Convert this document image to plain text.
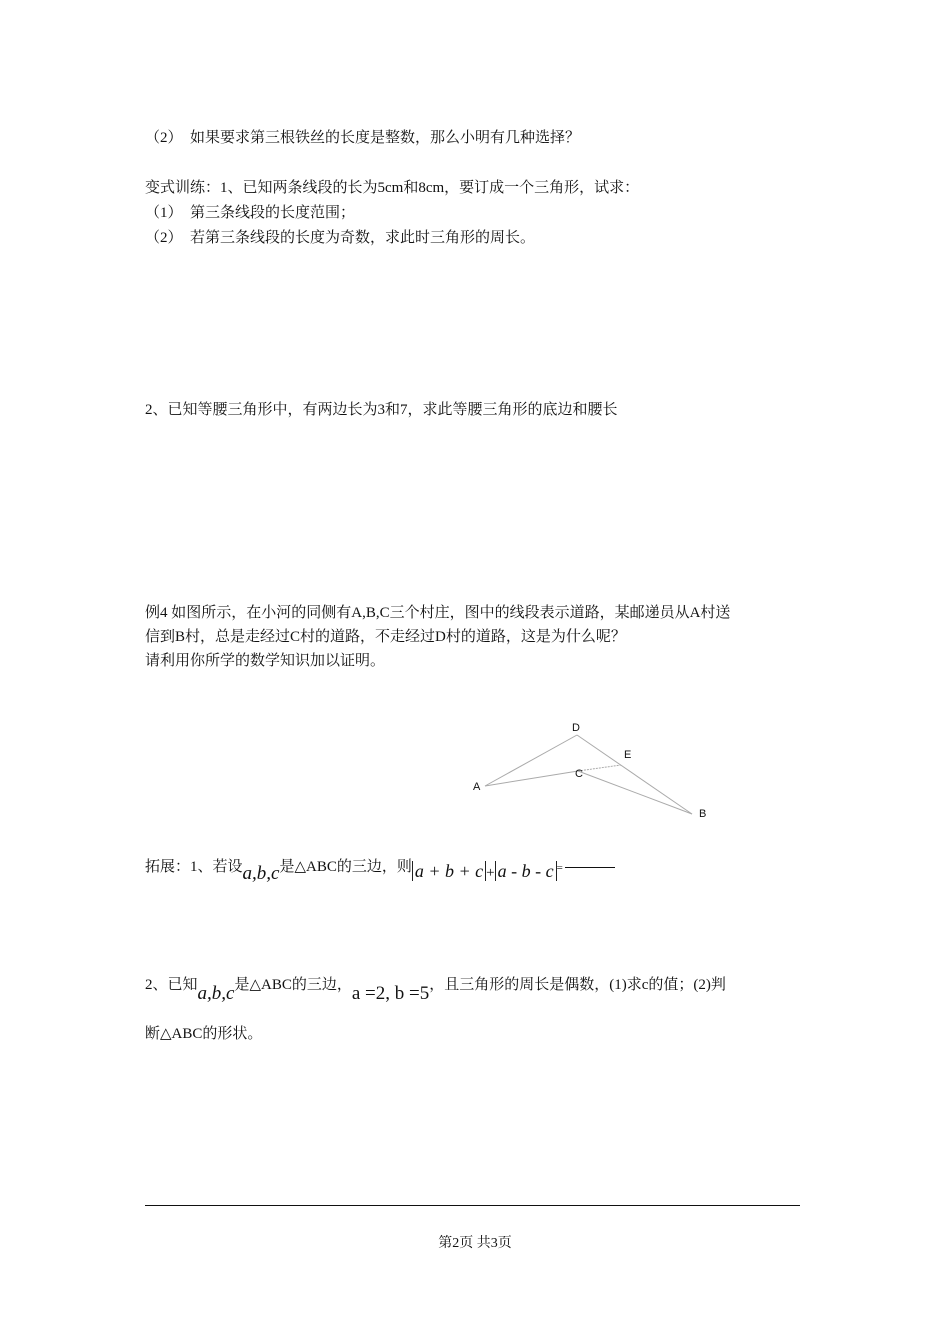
（2）　如果要求第三根铁丝的长度是整数，那么小明有几种选择？
变式训练：1、已知两条线段的长为5cm和8cm，要订成一个三角形，试求：
（1）　第三条线段的长度范围；
（2）　若第三条线段的长度为奇数，求此时三角形的周长。
2、已知等腰三角形中，有两边长为3和7，求此等腰三角形的底边和腰长
例4 如图所示，在小河的同侧有A,B,C三个村庄，图中的线段表示道路，某邮递员从A村送
信到B村，总是走经过C村的道路，不走经过D村的道路，这是为什么呢？
请利用你所学的数学知识加以证明。
D
E
C
A
B
拓展：1、若设a,b,c是△ABC的三边，则 a + b + c + a - b - c =
2、已知a,b,c是△ABC的三边，a =2, b =5，且三角形的周长是偶数，(1)求c的值；(2)判
断△ABC的形状。
第2页 共3页
